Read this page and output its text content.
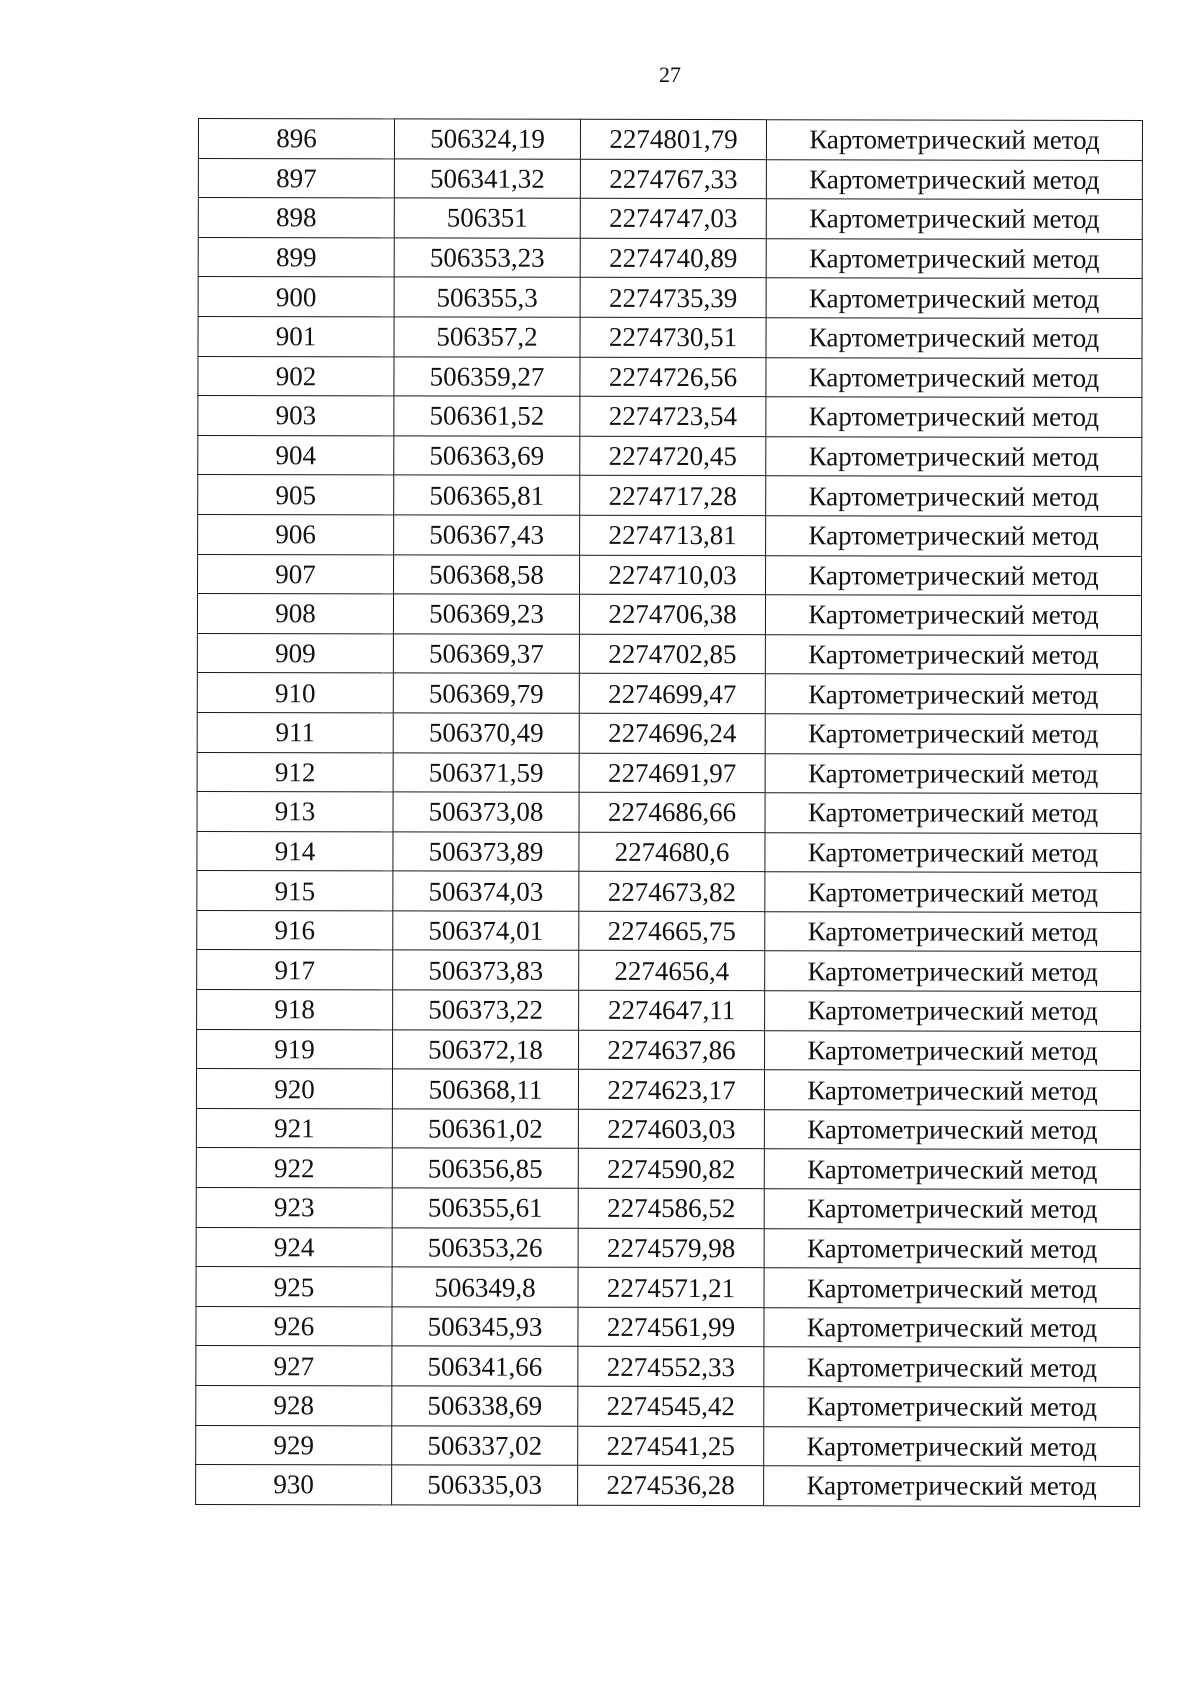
27
896	506324,19	2274801,79	Картометрический метод
897	506341,32	2274767,33	Картометрический метод
898	506351	2274747,03	Картометрический метод
899	506353,23	2274740,89	Картометрический метод
900	506355,3	2274735,39	Картометрический метод
901	506357,2	2274730,51	Картометрический метод
902	506359,27	2274726,56	Картометрический метод
903	506361,52	2274723,54	Картометрический метод
904	506363,69	2274720,45	Картометрический метод
905	506365,81	2274717,28	Картометрический метод
906	506367,43	2274713,81	Картометрический метод
907	506368,58	2274710,03	Картометрический метод
908	506369,23	2274706,38	Картометрический метод
909	506369,37	2274702,85	Картометрический метод
910	506369,79	2274699,47	Картометрический метод
911	506370,49	2274696,24	Картометрический метод
912	506371,59	2274691,97	Картометрический метод
913	506373,08	2274686,66	Картометрический метод
914	506373,89	2274680,6	Картометрический метод
915	506374,03	2274673,82	Картометрический метод
916	506374,01	2274665,75	Картометрический метод
917	506373,83	2274656,4	Картометрический метод
918	506373,22	2274647,11	Картометрический метод
919	506372,18	2274637,86	Картометрический метод
920	506368,11	2274623,17	Картометрический метод
921	506361,02	2274603,03	Картометрический метод
922	506356,85	2274590,82	Картометрический метод
923	506355,61	2274586,52	Картометрический метод
924	506353,26	2274579,98	Картометрический метод
925	506349,8	2274571,21	Картометрический метод
926	506345,93	2274561,99	Картометрический метод
927	506341,66	2274552,33	Картометрический метод
928	506338,69	2274545,42	Картометрический метод
929	506337,02	2274541,25	Картометрический метод
930	506335,03	2274536,28	Картометрический метод
